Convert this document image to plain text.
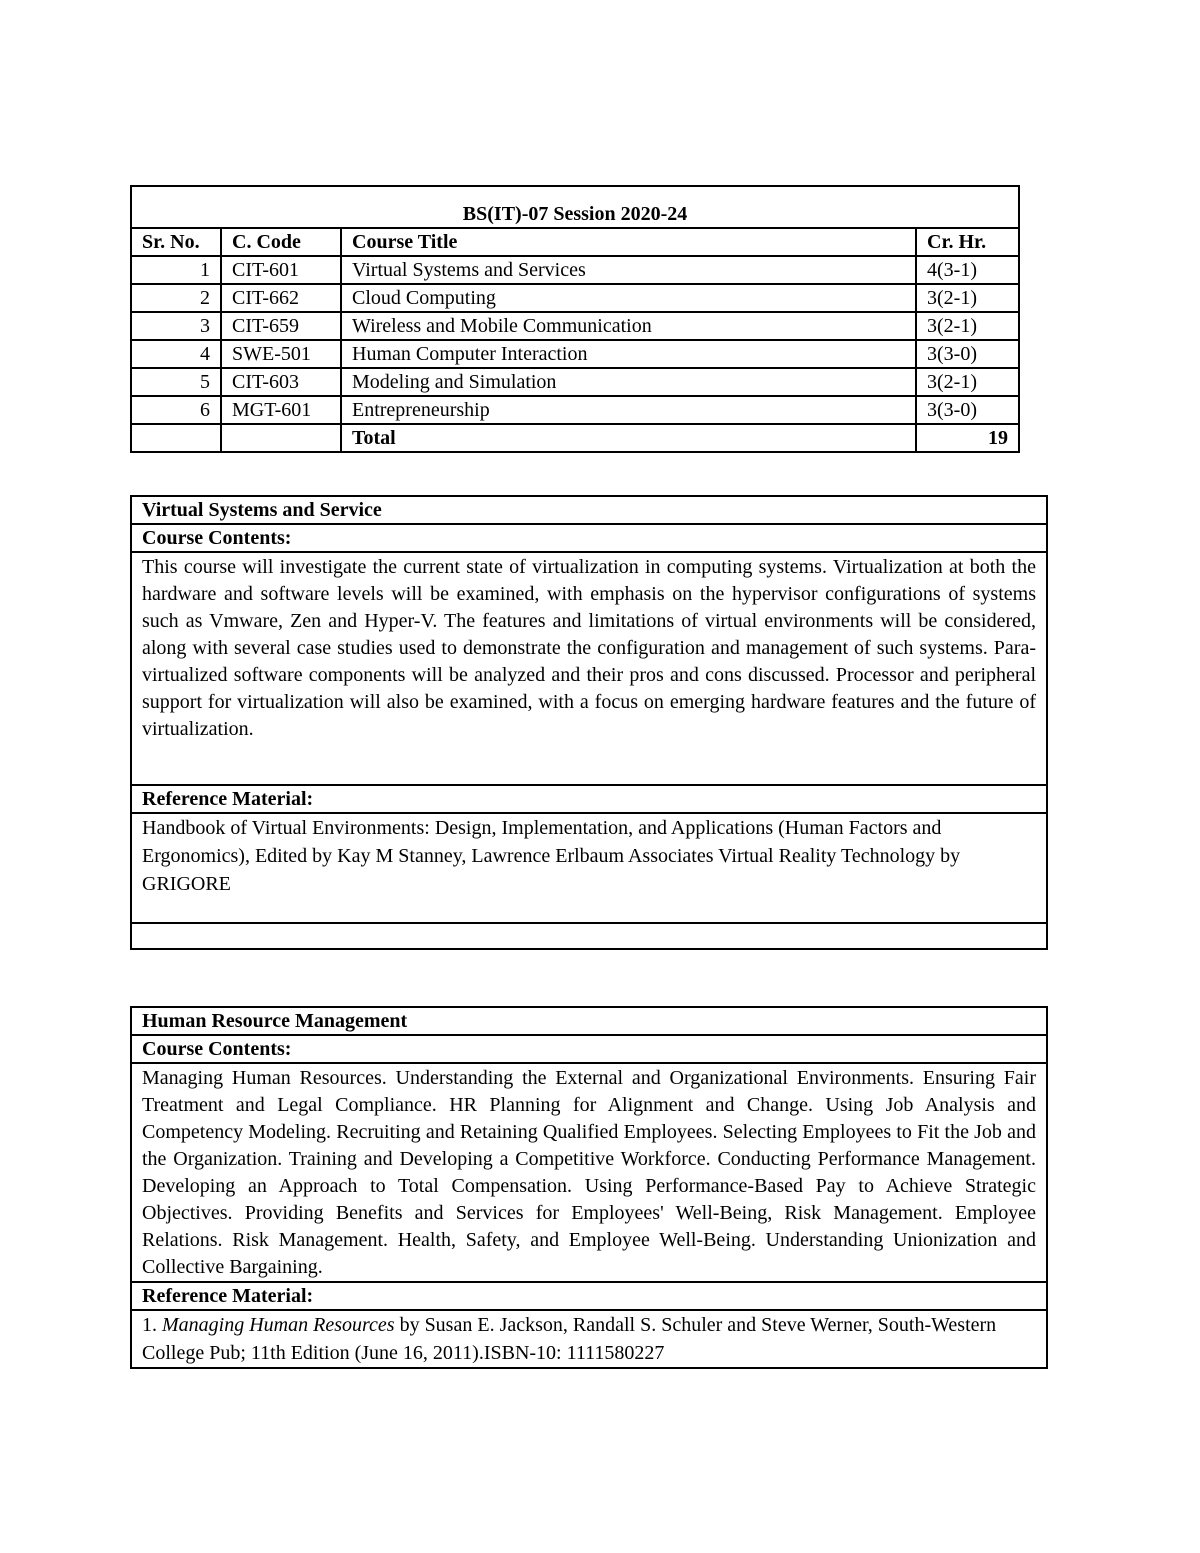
BS(IT)-07 Session 2020-24			
Sr. No.	C. Code	Course Title	Cr. Hr.
1	CIT-601	Virtual Systems and Services	4(3-1)
2	CIT-662	Cloud Computing	3(2-1)
3	CIT-659	Wireless and Mobile Communication	3(2-1)
4	SWE-501	Human Computer Interaction	3(3-0)
5	CIT-603	Modeling and Simulation	3(2-1)
6	MGT-601	Entrepreneurship	3(3-0)
		Total	19
Virtual Systems and Service
Course Contents:
This course will investigate the current state of virtualization in computing systems. Virtualization at both the hardware and software levels will be examined, with emphasis on the hypervisor configurations of systems such as Vmware, Zen and Hyper-V. The features and limitations of virtual environments will be considered, along with several case studies used to demonstrate the configuration and management of such systems. Para-virtualized software components will be analyzed and their pros and cons discussed. Processor and peripheral support for virtualization will also be examined, with a focus on emerging hardware features and the future of virtualization.
Reference Material:
Handbook of Virtual Environments: Design, Implementation, and Applications (Human Factors and Ergonomics), Edited by Kay M Stanney, Lawrence Erlbaum Associates Virtual Reality Technology by GRIGORE

Human Resource Management
Course Contents:
Managing Human Resources. Understanding the External and Organizational Environments. Ensuring Fair Treatment and Legal Compliance. HR Planning for Alignment and Change. Using Job Analysis and Competency Modeling. Recruiting and Retaining Qualified Employees. Selecting Employees to Fit the Job and the Organization. Training and Developing a Competitive Workforce. Conducting Performance Management. Developing an Approach to Total Compensation. Using Performance-Based Pay to Achieve Strategic Objectives. Providing Benefits and Services for Employees' Well-Being, Risk Management. Employee Relations. Risk Management. Health, Safety, and Employee Well-Being. Understanding Unionization and Collective Bargaining.
Reference Material:
1. Managing Human Resources by Susan E. Jackson, Randall S. Schuler and Steve Werner, South-Western College Pub; 11th Edition (June 16, 2011).ISBN-10: 1111580227
